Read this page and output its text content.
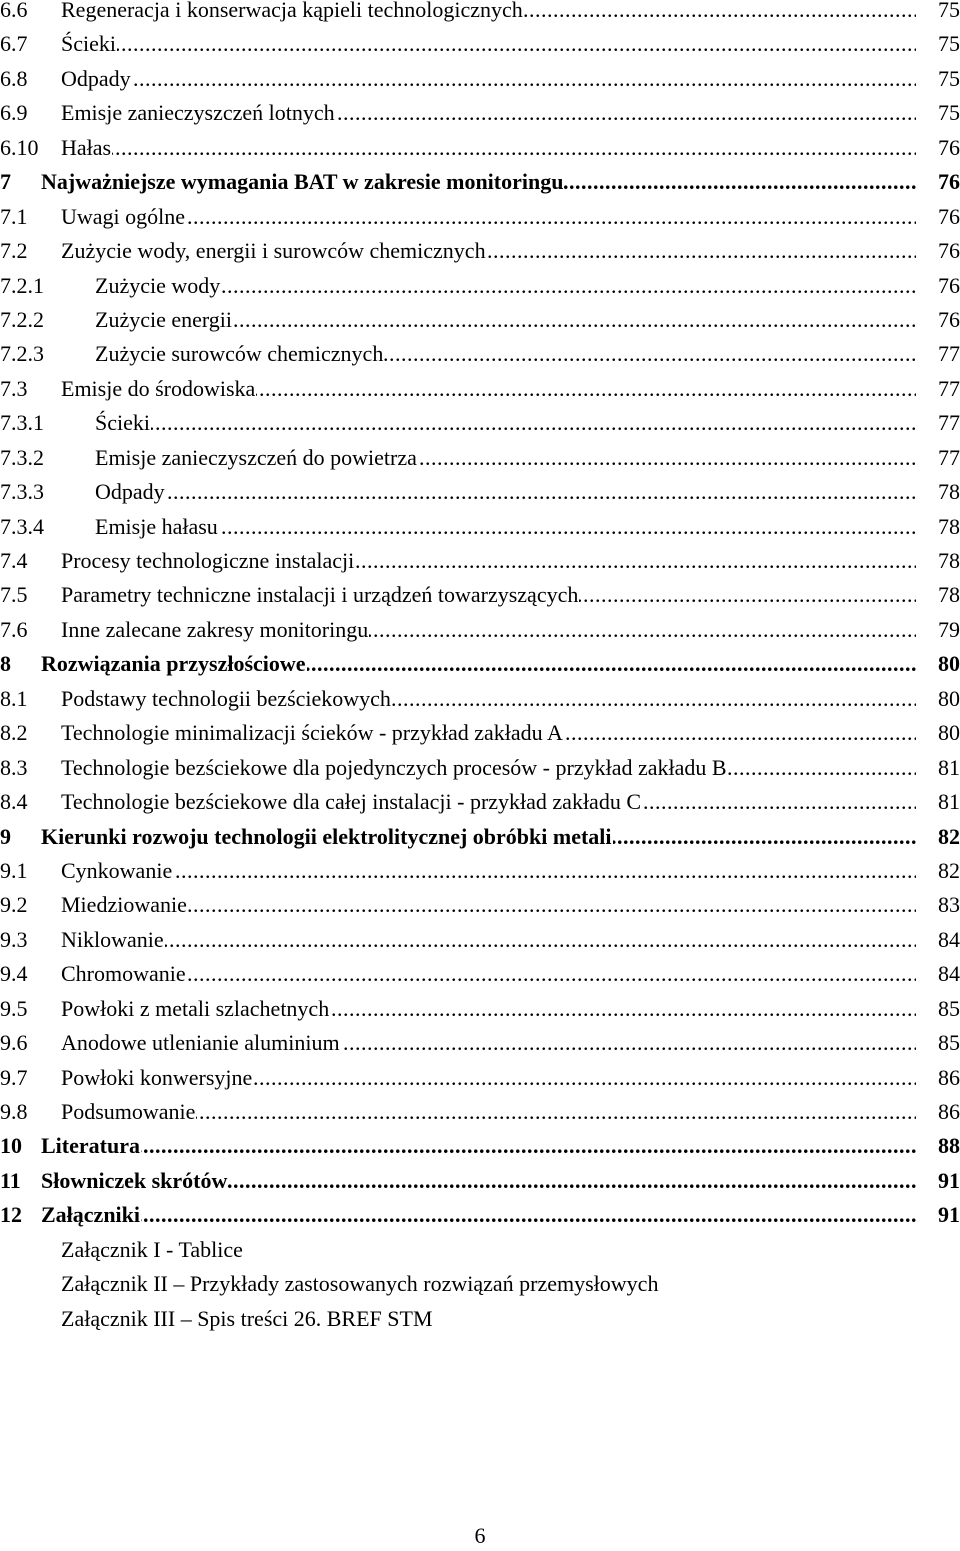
6.6 Regeneracja i konserwacja kąpieli technologicznych .....	75
6.7 Ścieki .....	75
6.8 Odpady .....	75
6.9 Emisje zanieczyszczeń lotnych .....	75
6.10 Hałas .....	76
7 Najważniejsze wymagania BAT w zakresie monitoringu .....	76
7.1 Uwagi ogólne .....	76
7.2 Zużycie wody, energii i surowców chemicznych .....	76
7.2.1 Zużycie wody .....	76
7.2.2 Zużycie energii .....	76
7.2.3 Zużycie surowców chemicznych .....	77
7.3 Emisje do środowiska .....	77
7.3.1 Ścieki .....	77
7.3.2 Emisje zanieczyszczeń do powietrza .....	77
7.3.3 Odpady .....	78
7.3.4 Emisje hałasu .....	78
7.4 Procesy technologiczne instalacji .....	78
7.5 Parametry techniczne instalacji i urządzeń towarzyszących .....	78
7.6 Inne zalecane zakresy monitoringu .....	79
8 Rozwiązania przyszłościowe .....	80
8.1 Podstawy technologii bezściekowych .....	80
8.2 Technologie minimalizacji ścieków - przykład zakładu A .....	80
8.3 Technologie bezściekowe dla pojedynczych procesów - przykład zakładu B .....	81
8.4 Technologie bezściekowe dla całej instalacji - przykład zakładu C .....	81
9 Kierunki rozwoju technologii elektrolitycznej obróbki metali .....	82
9.1 Cynkowanie .....	82
9.2 Miedziowanie .....	83
9.3 Niklowanie .....	84
9.4 Chromowanie .....	84
9.5 Powłoki z metali szlachetnych .....	85
9.6 Anodowe utlenianie aluminium .....	85
9.7 Powłoki konwersyjne .....	86
9.8 Podsumowanie .....	86
10 Literatura .....	88
11 Słowniczek skrótów .....	91
12 Załączniki .....	91
Załącznik I - Tablice
Załącznik II – Przykłady zastosowanych rozwiązań przemysłowych
Załącznik III – Spis treści 26. BREF STM
6
